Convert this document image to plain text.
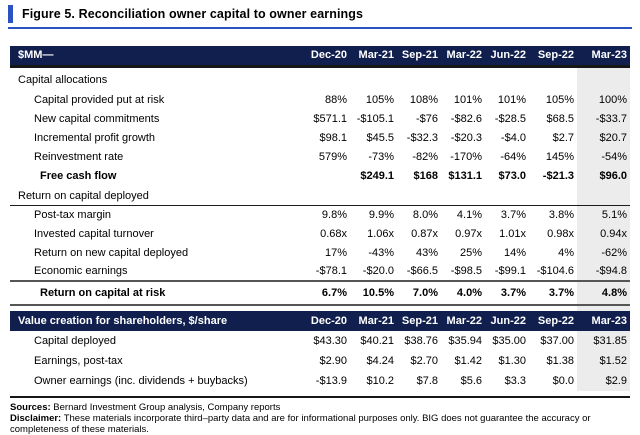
Figure 5. Reconciliation owner capital to owner earnings
$MM—	Dec-20	Mar-21	Sep-21	Mar-22	Jun-22	Sep-22	Mar-23
Capital allocations							
Capital provided put at risk	88%	105%	108%	101%	101%	105%	100%
New capital commitments	$571.1	-$105.1	-$76	-$82.6	-$28.5	$68.5	-$33.7
Incremental profit growth	$98.1	$45.5	-$32.3	-$20.3	-$4.0	$2.7	$20.7
Reinvestment rate	579%	-73%	-82%	-170%	-64%	145%	-54%
Free cash flow		$249.1	$168	$131.1	$73.0	-$21.3	$96.0
Return on capital deployed							
Post-tax margin	9.8%	9.9%	8.0%	4.1%	3.7%	3.8%	5.1%
Invested capital turnover	0.68x	1.06x	0.87x	0.97x	1.01x	0.98x	0.94x
Return on new capital deployed	17%	-43%	43%	25%	14%	4%	-62%
Economic earnings	-$78.1	-$20.0	-$66.5	-$98.5	-$99.1	-$104.6	-$94.8
Return on capital at risk	6.7%	10.5%	7.0%	4.0%	3.7%	3.7%	4.8%

Value creation for shareholders, $/share	Dec-20	Mar-21	Sep-21	Mar-22	Jun-22	Sep-22	Mar-23
Capital deployed	$43.30	$40.21	$38.76	$35.94	$35.00	$37.00	$31.85
Earnings, post-tax	$2.90	$4.24	$2.70	$1.42	$1.30	$1.38	$1.52
Owner earnings (inc. dividends + buybacks)	-$13.9	$10.2	$7.8	$5.6	$3.3	$0.0	$2.9
Sources: Bernard Investment Group analysis, Company reports
Disclaimer: These materials incorporate third–party data and are for informational purposes only. BIG does not guarantee the accuracy or completeness of these materials.
